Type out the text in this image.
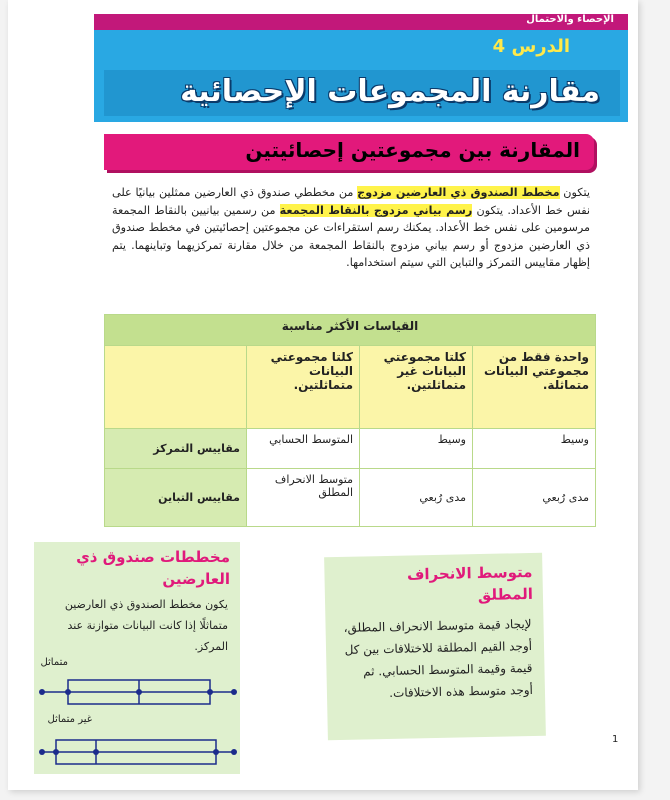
الإحصاء والاحتمال
الدرس 4
مقارنة المجموعات الإحصائية
المقارنة بين مجموعتين إحصائيتين
يتكون مخطط الصندوق ذي العارضين مزدوج من مخططي صندوق ذي العارضين ممثلين بيانيًا على نفس خط الأعداد. يتكون رسم بياني مزدوج بالنقاط المجمعة من رسمين بيانيين بالنقاط المجمعة مرسومين على نفس خط الأعداد. يمكنك رسم استقراءات عن مجموعتين إحصائيتين في مخطط صندوق ذي العارضين مزدوج أو رسم بياني مزدوج بالنقاط المجمعة من خلال مقارنة تمركزيهما وتباينهما. يتم إظهار مقاييس التمركز والتباين التي سيتم استخدامها.
القياسات الأكثر مناسبة			
واحدة فقط من مجموعتي البيانات متماثلة.	كلتا مجموعتي البيانات غير متماثلتين.	كلتا مجموعتي البيانات متماثلتين.	
وسيط	وسيط	المتوسط الحسابي	مقاييس التمركز
مدى رُبعي	مدى رُبعي	متوسط الانحراف المطلق	مقاييس التباين
مخططات صندوق ذي العارضين
يكون مخطط الصندوق ذي العارضين متماثلًا إذا كانت البيانات متوازنة عند المركز.
متماثل
غير متماثل
متوسط الانحراف المطلق
لإيجاد قيمة متوسط الانحراف المطلق، أوجد القيم المطلقة للاختلافات بين كل قيمة وقيمة المتوسط الحسابي. ثم أوجد متوسط هذه الاختلافات.
1
